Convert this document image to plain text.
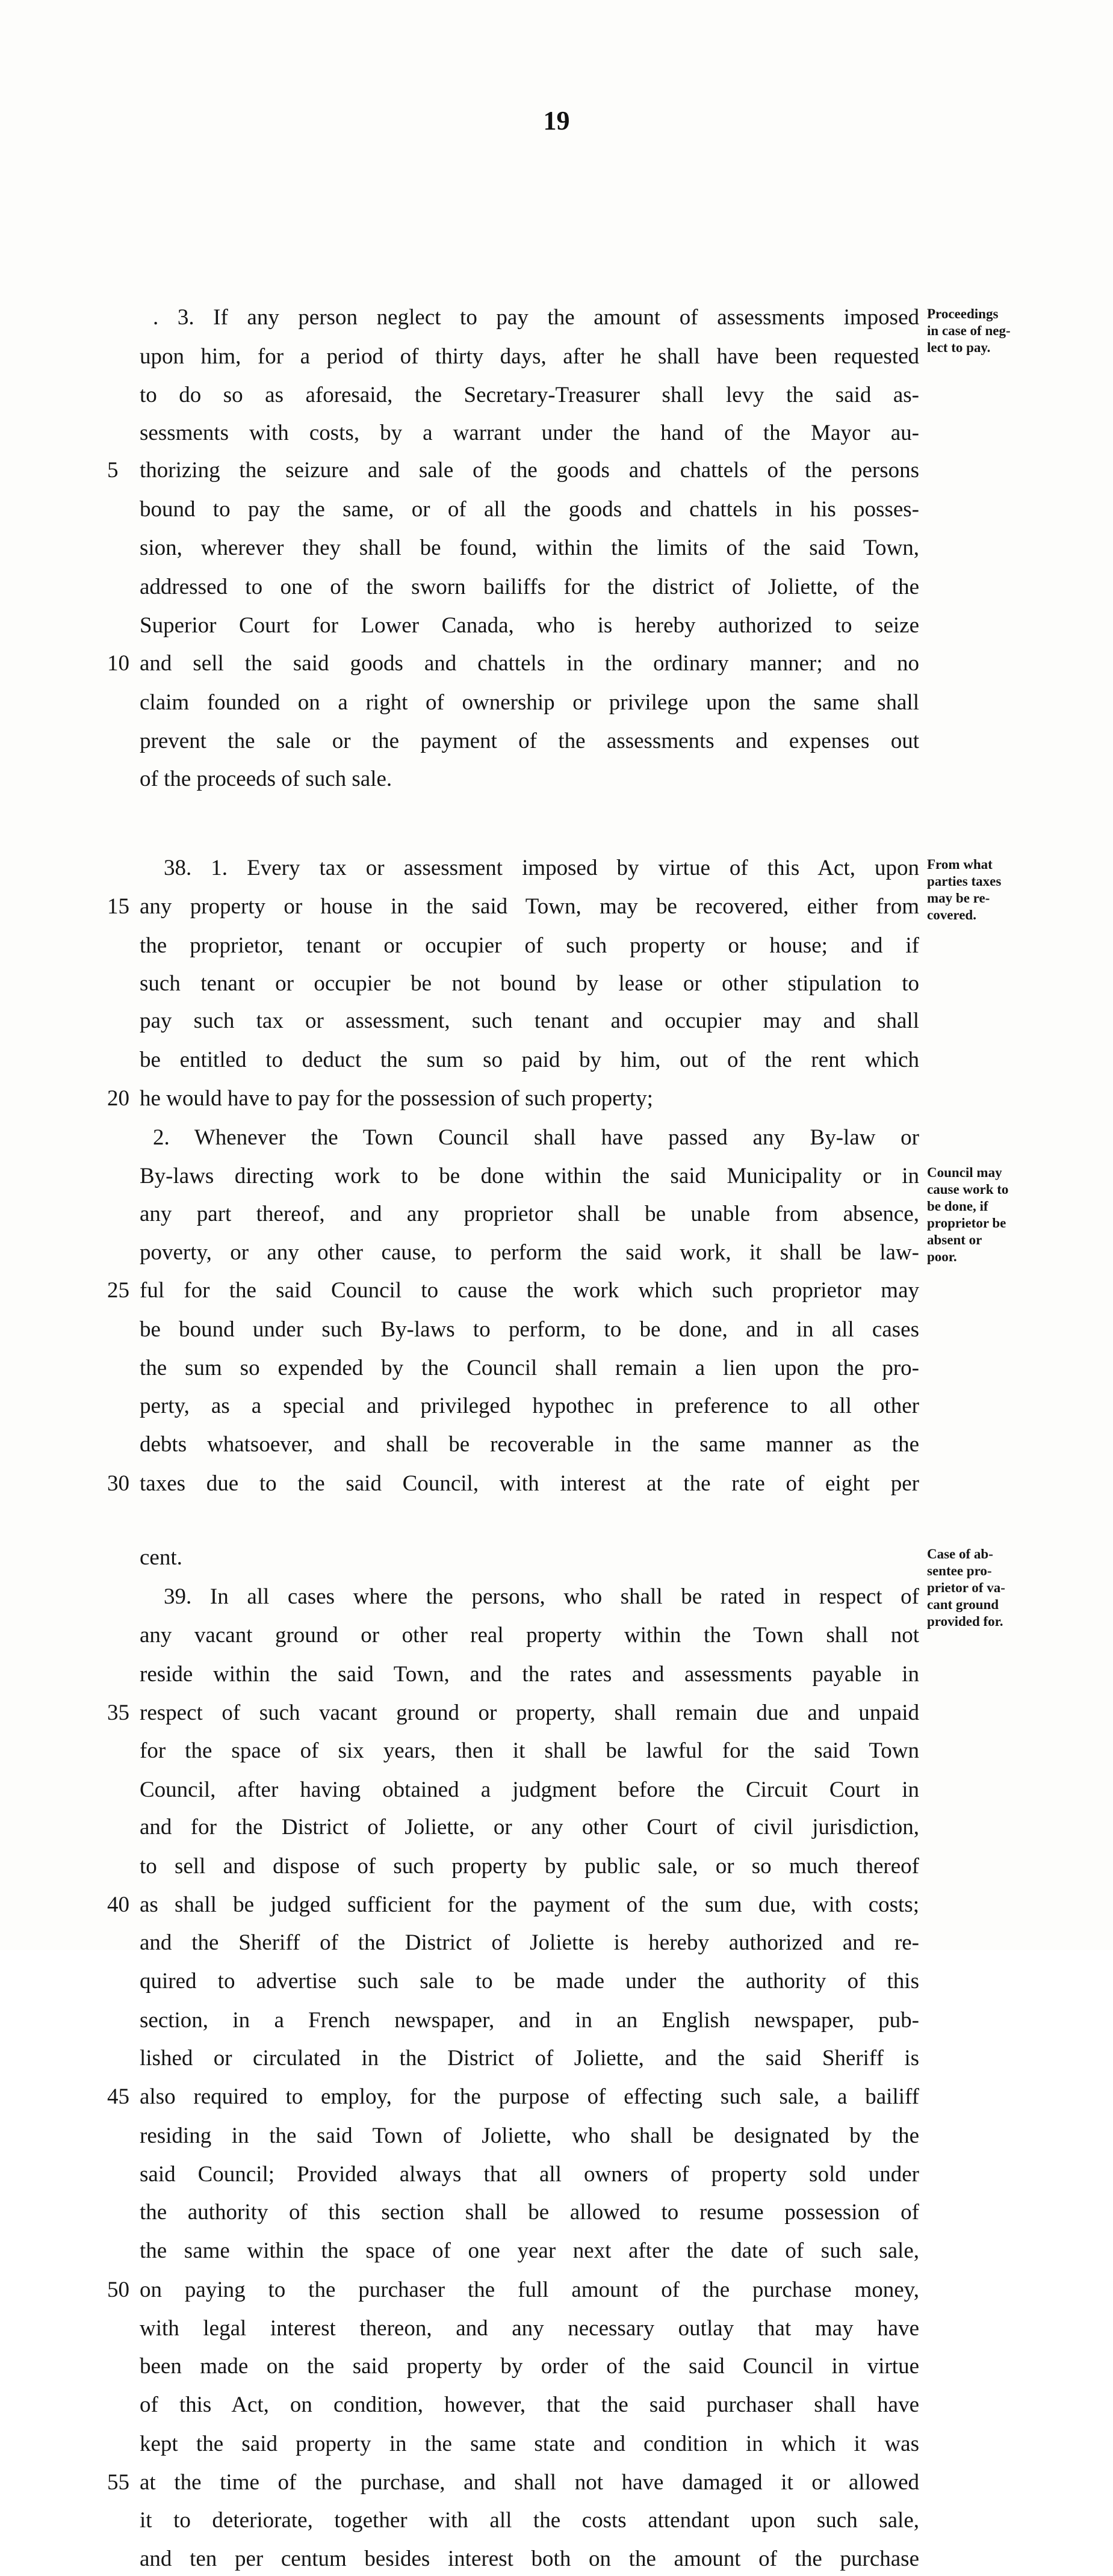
19
. 3. If any person neglect to pay the amount of assessments imposed
upon him, for a period of thirty days, after he shall have been requested
to do so as aforesaid, the Secretary-Treasurer shall levy the said as-
sessments with costs, by a warrant under the hand of the Mayor au-
thorizing the seizure and sale of the goods and chattels of the persons
bound to pay the same, or of all the goods and chattels in his posses-
sion, wherever they shall be found, within the limits of the said Town,
addressed to one of the sworn bailiffs for the district of Joliette, of the
Superior Court for Lower Canada, who is hereby authorized to seize
and sell the said goods and chattels in the ordinary manner; and no
claim founded on a right of ownership or privilege upon the same shall
prevent the sale or the payment of the assessments and expenses out
of the proceeds of such sale.
38. 1. Every tax or assessment imposed by virtue of this Act, upon
any property or house in the said Town, may be recovered, either from
the proprietor, tenant or occupier of such property or house; and if
such tenant or occupier be not bound by lease or other stipulation to
pay such tax or assessment, such tenant and occupier may and shall
be entitled to deduct the sum so paid by him, out of the rent which
he would have to pay for the possession of such property;
2. Whenever the Town Council shall have passed any By-law or
By-laws directing work to be done within the said Municipality or in
any part thereof, and any proprietor shall be unable from absence,
poverty, or any other cause, to perform the said work, it shall be law-
ful for the said Council to cause the work which such proprietor may
be bound under such By-laws to perform, to be done, and in all cases
the sum so expended by the Council shall remain a lien upon the pro-
perty, as a special and privileged hypothec in preference to all other
debts whatsoever, and shall be recoverable in the same manner as the
taxes due to the said Council, with interest at the rate of eight per
cent.
39. In all cases where the persons, who shall be rated in respect of
any vacant ground or other real property within the Town shall not
reside within the said Town, and the rates and assessments payable in
respect of such vacant ground or property, shall remain due and unpaid
for the space of six years, then it shall be lawful for the said Town
Council, after having obtained a judgment before the Circuit Court in
and for the District of Joliette, or any other Court of civil jurisdiction,
to sell and dispose of such property by public sale, or so much thereof
as shall be judged sufficient for the payment of the sum due, with costs;
and the Sheriff of the District of Joliette is hereby authorized and re-
quired to advertise such sale to be made under the authority of this
section, in a French newspaper, and in an English newspaper, pub-
lished or circulated in the District of Joliette, and the said Sheriff is
also required to employ, for the purpose of effecting such sale, a bailiff
residing in the said Town of Joliette, who shall be designated by the
said Council; Provided always that all owners of property sold under
the authority of this section shall be allowed to resume possession of
the same within the space of one year next after the date of such sale,
on paying to the purchaser the full amount of the purchase money,
with legal interest thereon, and any necessary outlay that may have
been made on the said property by order of the said Council in virtue
of this Act, on condition, however, that the said purchaser shall have
kept the said property in the same state and condition in which it was
at the time of the purchase, and shall not have damaged it or allowed
it to deteriorate, together with all the costs attendant upon such sale,
and ten per centum besides interest both on the amount of the purchase
5
10
15
20
25
30
35
40
45
50
55
Proceedings
in case of neg-
lect to pay.
From what
parties taxes
may be re-
covered.
Council may
cause work to
be done, if
proprietor be
absent or
poor.
Case of ab-
sentee pro-
prietor of va-
cant ground
provided for.
